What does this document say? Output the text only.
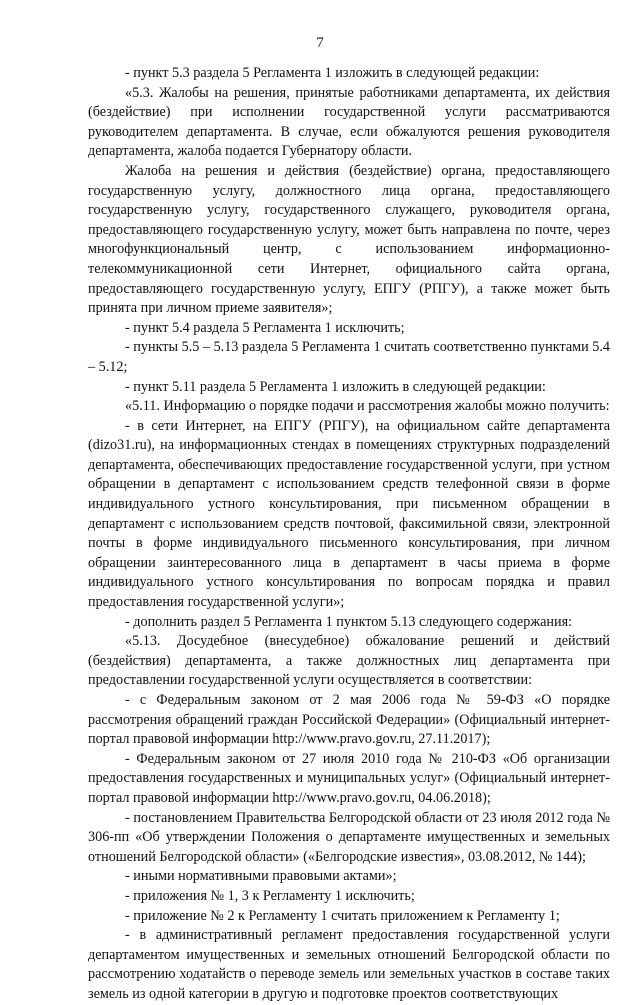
7

- пункт 5.3 раздела 5 Регламента 1 изложить в следующей редакции:

«5.3. Жалобы на решения, принятые работниками департамента, их действия (бездействие) при исполнении государственной услуги рассматриваются руководителем департамента. В случае, если обжалуются решения руководителя департамента, жалоба подается Губернатору области.

Жалоба на решения и действия (бездействие) органа, предоставляющего государственную услугу, должностного лица органа, предоставляющего государственную услугу, государственного служащего, руководителя органа, предоставляющего государственную услугу, может быть направлена по почте, через многофункциональный центр, с использованием информационно-телекоммуникационной сети Интернет, официального сайта органа, предоставляющего государственную услугу, ЕПГУ (РПГУ), а также может быть принята при личном приеме заявителя»;

- пункт 5.4 раздела 5 Регламента 1 исключить;

- пункты 5.5 – 5.13 раздела 5 Регламента 1 считать соответственно пунктами 5.4 – 5.12;

- пункт 5.11 раздела 5 Регламента 1 изложить в следующей редакции:

«5.11. Информацию о порядке подачи и рассмотрения жалобы можно получить:

- в сети Интернет, на ЕПГУ (РПГУ), на официальном сайте департамента (dizo31.ru), на информационных стендах в помещениях структурных подразделений департамента, обеспечивающих предоставление государственной услуги, при устном обращении в департамент с использованием средств телефонной связи в форме индивидуального устного консультирования, при письменном обращении в департамент с использованием средств почтовой, факсимильной связи, электронной почты в форме индивидуального письменного консультирования, при личном обращении заинтересованного лица в департамент в часы приема в форме индивидуального устного консультирования по вопросам порядка и правил предоставления государственной услуги»;

- дополнить раздел 5 Регламента 1 пунктом 5.13 следующего содержания:

«5.13. Досудебное (внесудебное) обжалование решений и действий (бездействия) департамента, а также должностных лиц департамента при предоставлении государственной услуги осуществляется в соответствии:

- с Федеральным законом от 2 мая 2006 года № 59-ФЗ «О порядке рассмотрения обращений граждан Российской Федерации» (Официальный интернет-портал правовой информации http://www.pravo.gov.ru, 27.11.2017);

- Федеральным законом от 27 июля 2010 года № 210-ФЗ «Об организации предоставления государственных и муниципальных услуг» (Официальный интернет-портал правовой информации http://www.pravo.gov.ru, 04.06.2018);

- постановлением Правительства Белгородской области от 23 июля 2012 года № 306-пп «Об утверждении Положения о департаменте имущественных и земельных отношений Белгородской области» («Белгородские известия», 03.08.2012, № 144);

- иными нормативными правовыми актами»;

- приложения № 1, 3 к Регламенту 1 исключить;

- приложение № 2 к Регламенту 1 считать приложением к Регламенту 1;

- в административный регламент предоставления государственной услуги департаментом имущественных и земельных отношений Белгородской области по рассмотрению ходатайств о переводе земель или земельных участков в составе таких земель из одной категории в другую и подготовке проектов соответствующих
